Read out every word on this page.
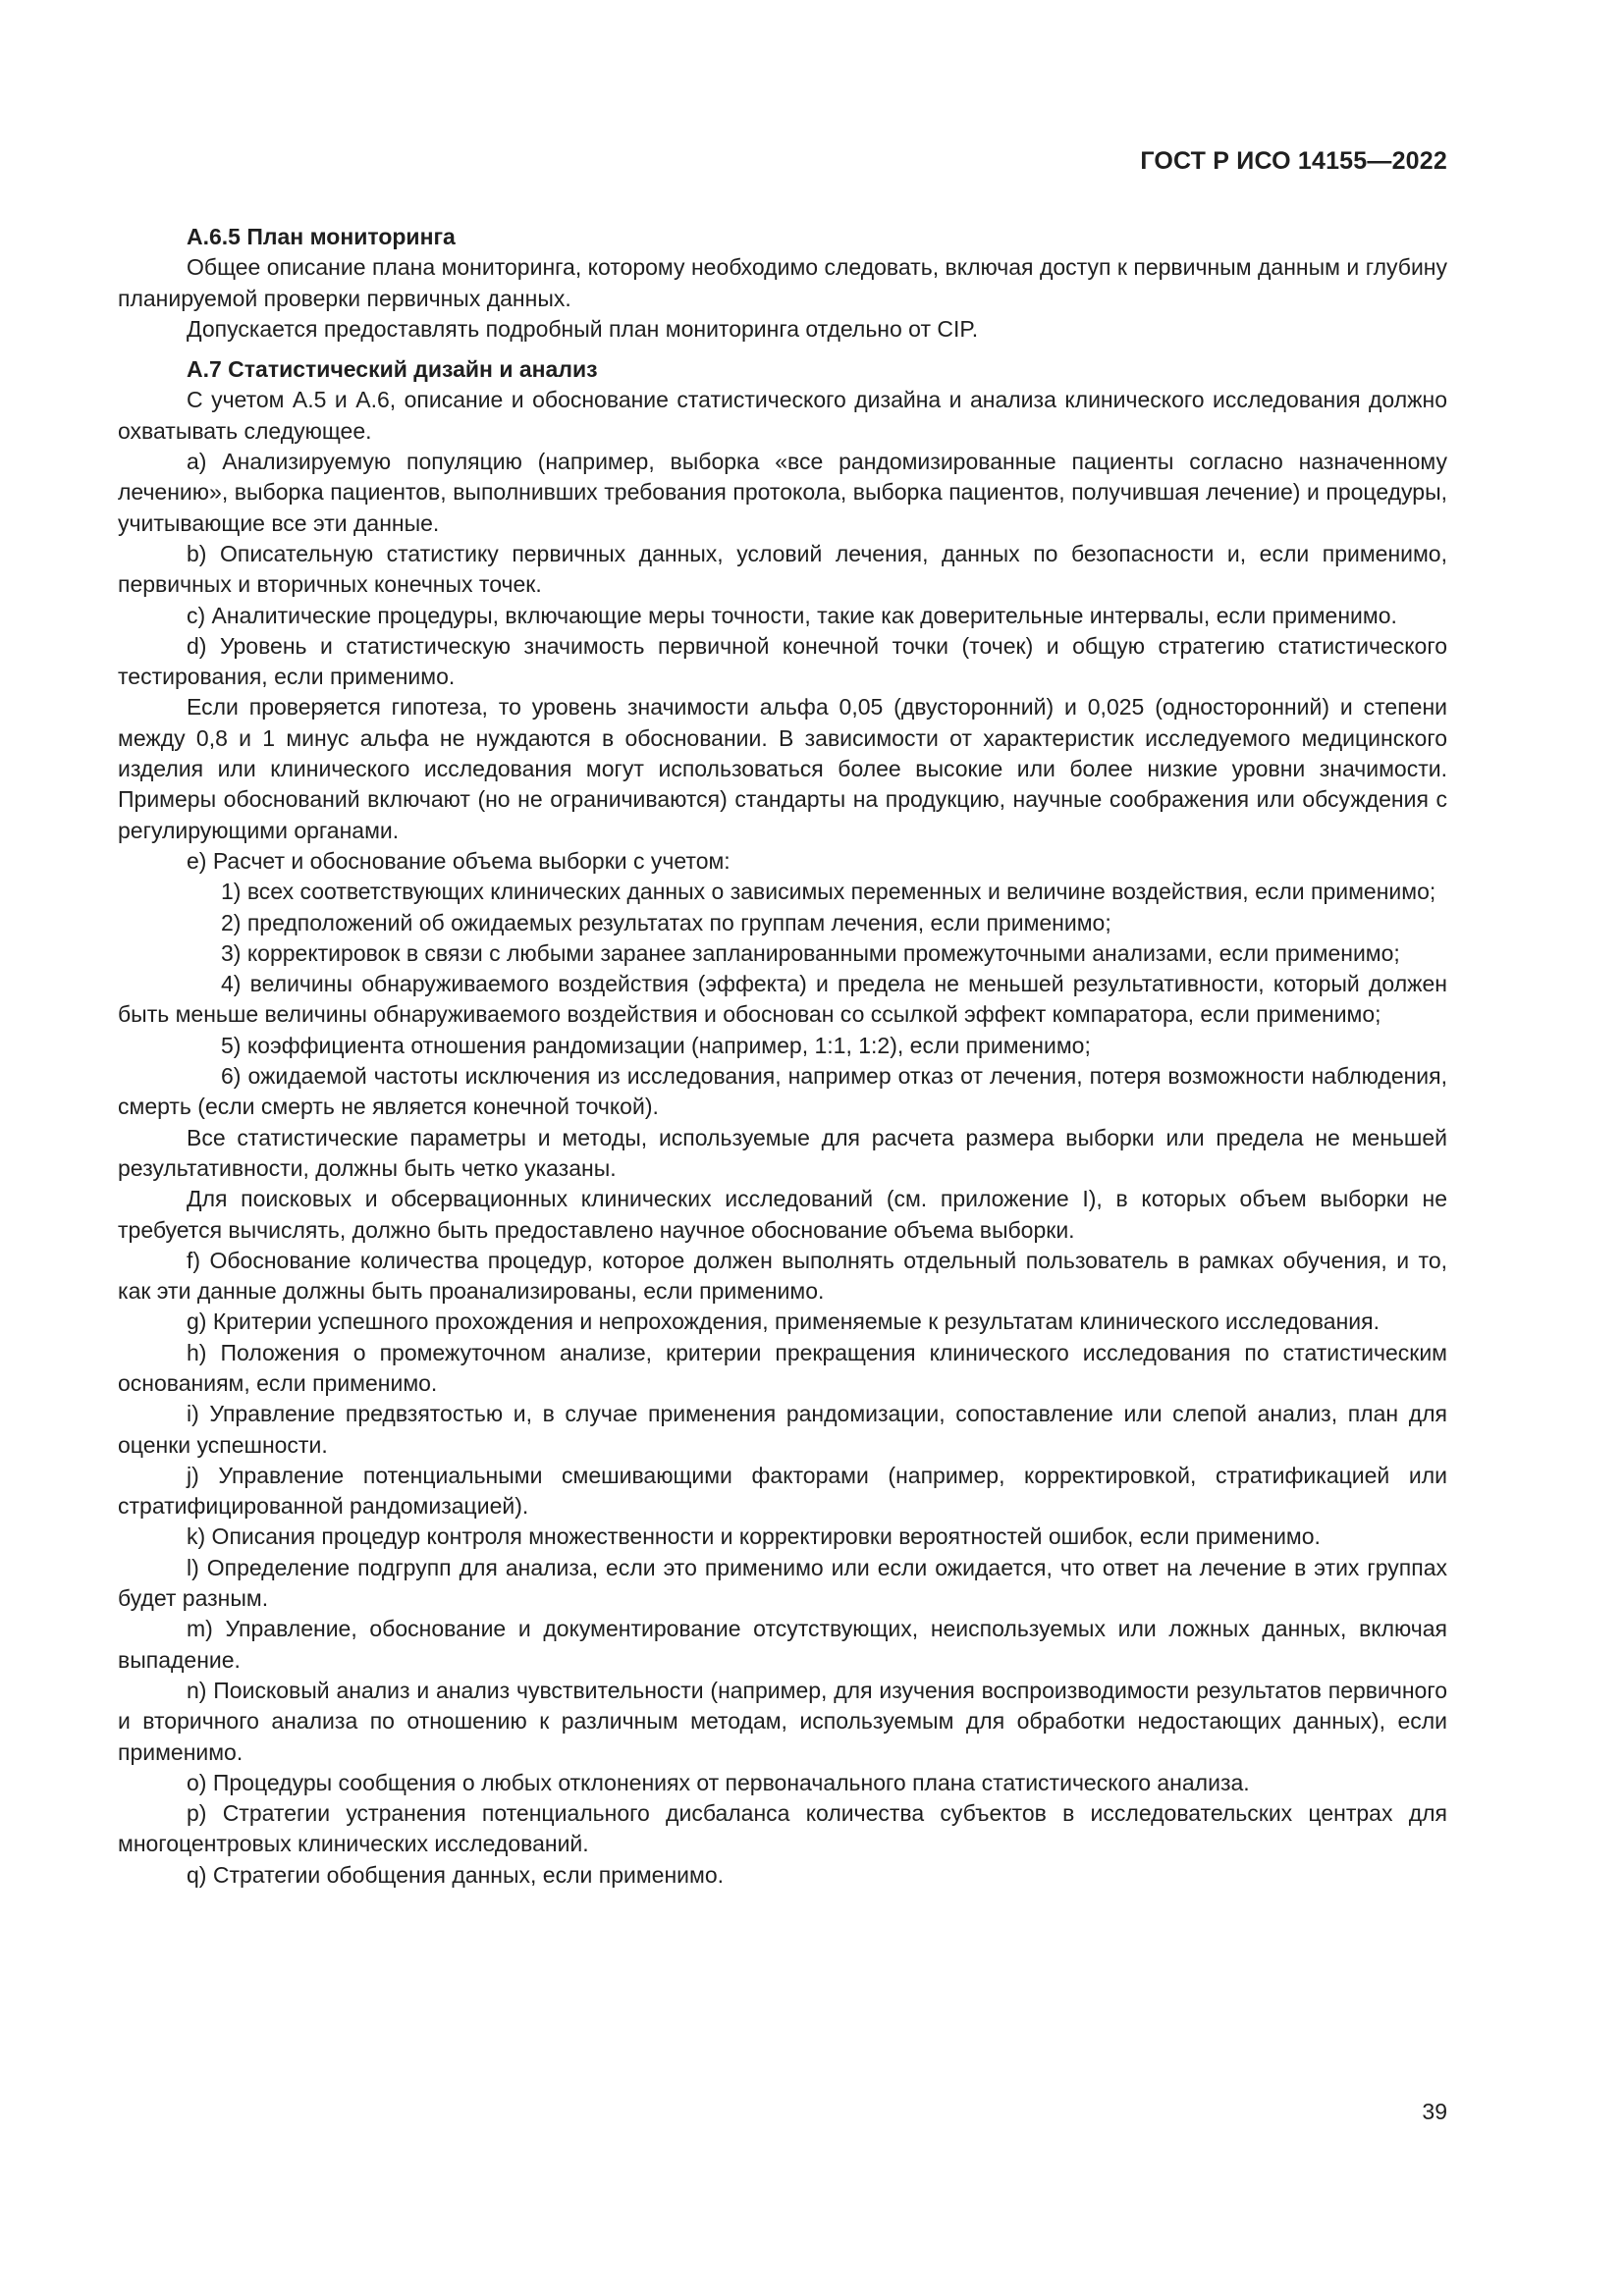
ГОСТ Р ИСО 14155—2022
А.6.5 План мониторинга

Общее описание плана мониторинга, которому необходимо следовать, включая доступ к первичным данным и глубину планируемой проверки первичных данных.

Допускается предоставлять подробный план мониторинга отдельно от CIP.

А.7 Статистический дизайн и анализ

С учетом А.5 и А.6, описание и обоснование статистического дизайна и анализа клинического исследования должно охватывать следующее.

a) Анализируемую популяцию (например, выборка «все рандомизированные пациенты согласно назначенному лечению», выборка пациентов, выполнивших требования протокола, выборка пациентов, получившая лечение) и процедуры, учитывающие все эти данные.

b) Описательную статистику первичных данных, условий лечения, данных по безопасности и, если применимо, первичных и вторичных конечных точек.

c) Аналитические процедуры, включающие меры точности, такие как доверительные интервалы, если применимо.

d) Уровень и статистическую значимость первичной конечной точки (точек) и общую стратегию статистического тестирования, если применимо.

Если проверяется гипотеза, то уровень значимости альфа 0,05 (двусторонний) и 0,025 (односторонний) и степени между 0,8 и 1 минус альфа не нуждаются в обосновании. В зависимости от характеристик исследуемого медицинского изделия или клинического исследования могут использоваться более высокие или более низкие уровни значимости. Примеры обоснований включают (но не ограничиваются) стандарты на продукцию, научные соображения или обсуждения с регулирующими органами.

e) Расчет и обоснование объема выборки с учетом:

1) всех соответствующих клинических данных о зависимых переменных и величине воздействия, если применимо;

2) предположений об ожидаемых результатах по группам лечения, если применимо;

3) корректировок в связи с любыми заранее запланированными промежуточными анализами, если применимо;

4) величины обнаруживаемого воздействия (эффекта) и предела не меньшей результативности, который должен быть меньше величины обнаруживаемого воздействия и обоснован со ссылкой эффект компаратора, если применимо;

5) коэффициента отношения рандомизации (например, 1:1, 1:2), если применимо;

6) ожидаемой частоты исключения из исследования, например отказ от лечения, потеря возможности наблюдения, смерть (если смерть не является конечной точкой).

Все статистические параметры и методы, используемые для расчета размера выборки или предела не меньшей результативности, должны быть четко указаны.

Для поисковых и обсервационных клинических исследований (см. приложение I), в которых объем выборки не требуется вычислять, должно быть предоставлено научное обоснование объема выборки.

f) Обоснование количества процедур, которое должен выполнять отдельный пользователь в рамках обучения, и то, как эти данные должны быть проанализированы, если применимо.

g) Критерии успешного прохождения и непрохождения, применяемые к результатам клинического исследования.

h) Положения о промежуточном анализе, критерии прекращения клинического исследования по статистическим основаниям, если применимо.

i) Управление предвзятостью и, в случае применения рандомизации, сопоставление или слепой анализ, план для оценки успешности.

j) Управление потенциальными смешивающими факторами (например, корректировкой, стратификацией или стратифицированной рандомизацией).

k) Описания процедур контроля множественности и корректировки вероятностей ошибок, если применимо.

l) Определение подгрупп для анализа, если это применимо или если ожидается, что ответ на лечение в этих группах будет разным.

m) Управление, обоснование и документирование отсутствующих, неиспользуемых или ложных данных, включая выпадение.

n) Поисковый анализ и анализ чувствительности (например, для изучения воспроизводимости результатов первичного и вторичного анализа по отношению к различным методам, используемым для обработки недостающих данных), если применимо.

o) Процедуры сообщения о любых отклонениях от первоначального плана статистического анализа.

p) Стратегии устранения потенциального дисбаланса количества субъектов в исследовательских центрах для многоцентровых клинических исследований.

q) Стратегии обобщения данных, если применимо.

39
